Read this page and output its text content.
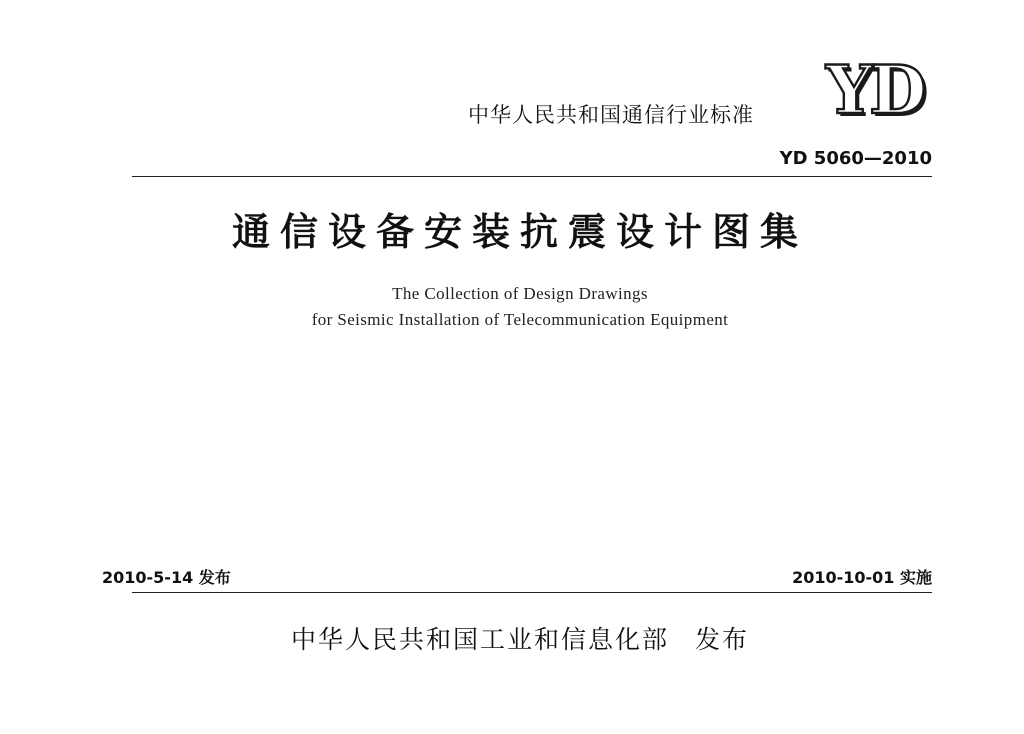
YD
中华人民共和国通信行业标准
YD 5060—2010
通信设备安装抗震设计图集
The Collection of Design Drawings
for Seismic Installation of Telecommunication Equipment
2010-5-14 发布	2010-10-01 实施
中华人民共和国工业和信息化部 发布
